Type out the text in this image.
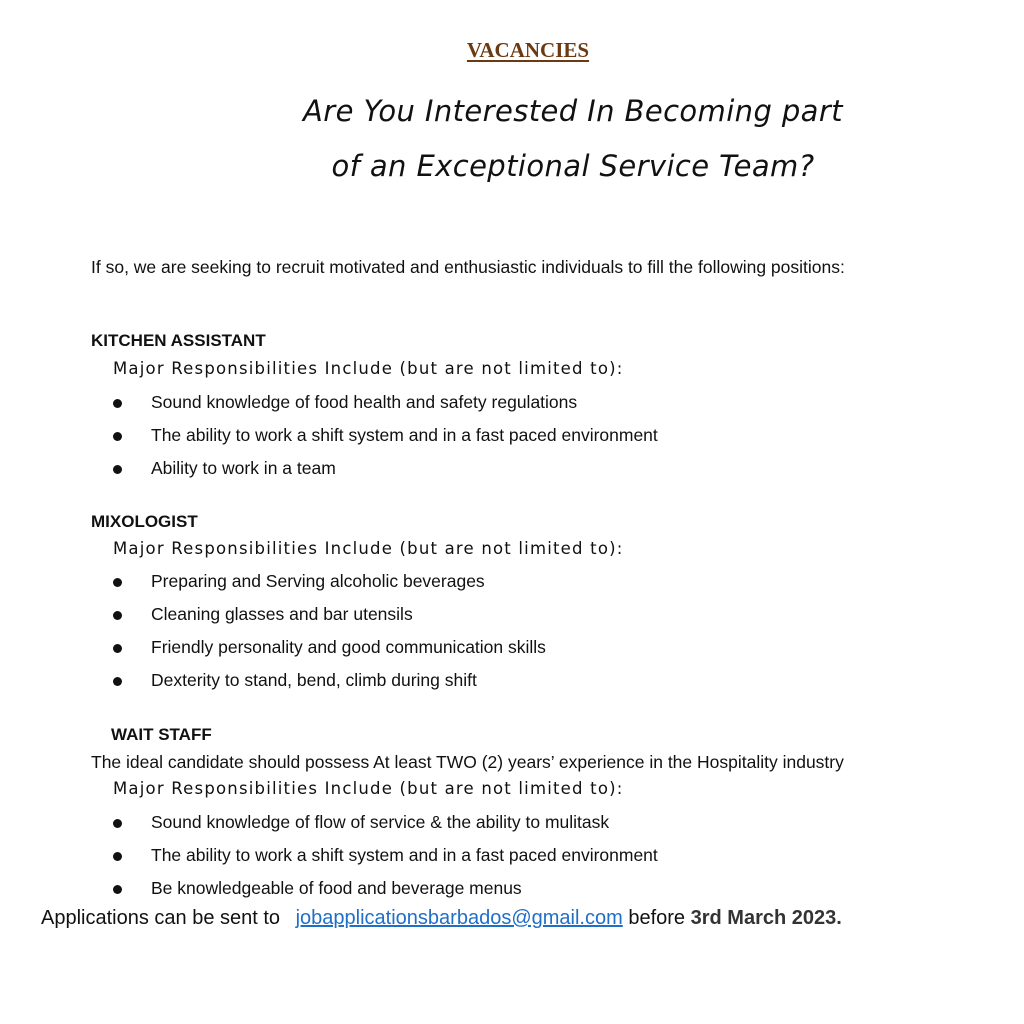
VACANCIES
Are You Interested In Becoming part
of an Exceptional Service Team?
If so, we are seeking to recruit motivated and enthusiastic individuals to fill the following positions:
KITCHEN ASSISTANT
Major Responsibilities Include (but are not limited to):
Sound knowledge of food health and safety regulations
The ability to work a shift system and in a fast paced environment
Ability to work in a team
MIXOLOGIST
Major Responsibilities Include (but are not limited to):
Preparing and Serving alcoholic beverages
Cleaning glasses and bar utensils
Friendly personality and good communication skills
Dexterity to stand, bend, climb during shift
WAIT STAFF
The ideal candidate should possess At least TWO (2) years’ experience in the Hospitality industry
Major Responsibilities Include (but are not limited to):
Sound knowledge of flow of service & the ability to mulitask
The ability to work a shift system and in a fast paced environment
Be knowledgeable of food and beverage menus
Applications can be sent to jobapplicationsbarbados@gmail.com before 3rd March 2023.
